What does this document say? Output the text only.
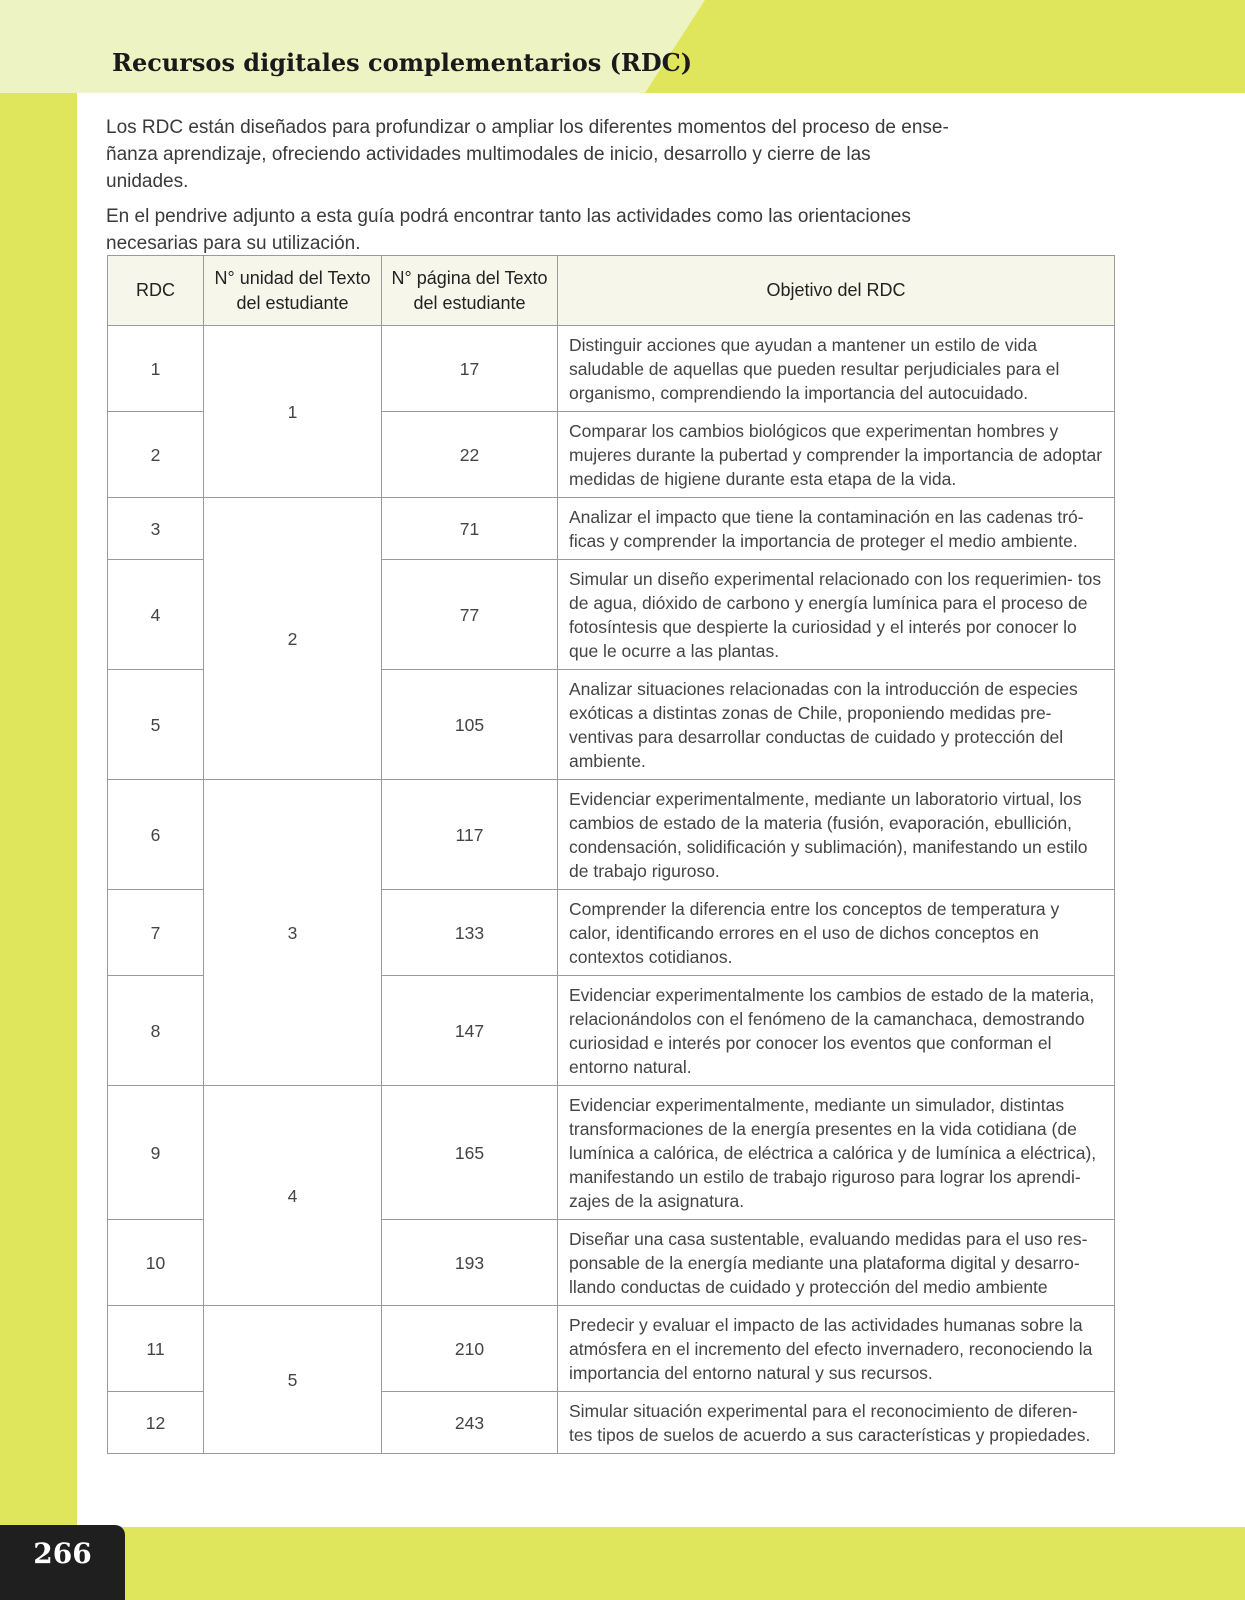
Recursos digitales complementarios (RDC)

Los RDC están diseñados para profundizar o ampliar los diferentes momentos del proceso de ense- ñanza aprendizaje, ofreciendo actividades multimodales de inicio, desarrollo y cierre de las unidades.

En el pendrive adjunto a esta guía podrá encontrar tanto las actividades como las orientaciones necesarias para su utilización.

RDC	N° unidad del Texto del estudiante	N° página del Texto del estudiante	Objetivo del RDC
1	1	17	Distinguir acciones que ayudan a mantener un estilo de vida saludable de aquellas que pueden resultar perjudiciales para el organismo, comprendiendo la importancia del autocuidado.
2		22	Comparar los cambios biológicos que experimentan hombres y mujeres durante la pubertad y comprender la importancia de adoptar medidas de higiene durante esta etapa de la vida.
3	2	71	Analizar el impacto que tiene la contaminación en las cadenas tró- ficas y comprender la importancia de proteger el medio ambiente.
4		77	Simular un diseño experimental relacionado con los requerimien- tos de agua, dióxido de carbono y energía lumínica para el proceso de fotosíntesis que despierte la curiosidad y el interés por conocer lo que le ocurre a las plantas.
5		105	Analizar situaciones relacionadas con la introducción de especies exóticas a distintas zonas de Chile, proponiendo medidas pre- ventivas para desarrollar conductas de cuidado y protección del ambiente.
6	3	117	Evidenciar experimentalmente, mediante un laboratorio virtual, los cambios de estado de la materia (fusión, evaporación, ebullición, condensación, solidificación y sublimación), manifestando un estilo de trabajo riguroso.
7		133	Comprender la diferencia entre los conceptos de temperatura y calor, identificando errores en el uso de dichos conceptos en contextos cotidianos.
8		147	Evidenciar experimentalmente los cambios de estado de la materia, relacionándolos con el fenómeno de la camanchaca, demostrando curiosidad e interés por conocer los eventos que conforman el entorno natural.
9	4	165	Evidenciar experimentalmente, mediante un simulador, distintas transformaciones de la energía presentes en la vida cotidiana (de lumínica a calórica, de eléctrica a calórica y de lumínica a eléctrica), manifestando un estilo de trabajo riguroso para lograr los aprendi- zajes de la asignatura.
10		193	Diseñar una casa sustentable, evaluando medidas para el uso res- ponsable de la energía mediante una plataforma digital y desarro- llando conductas de cuidado y protección del medio ambiente
11	5	210	Predecir y evaluar el impacto de las actividades humanas sobre la atmósfera en el incremento del efecto invernadero, reconociendo la importancia del entorno natural y sus recursos.
12		243	Simular situación experimental para el reconocimiento de diferen- tes tipos de suelos de acuerdo a sus características y propiedades.

266
